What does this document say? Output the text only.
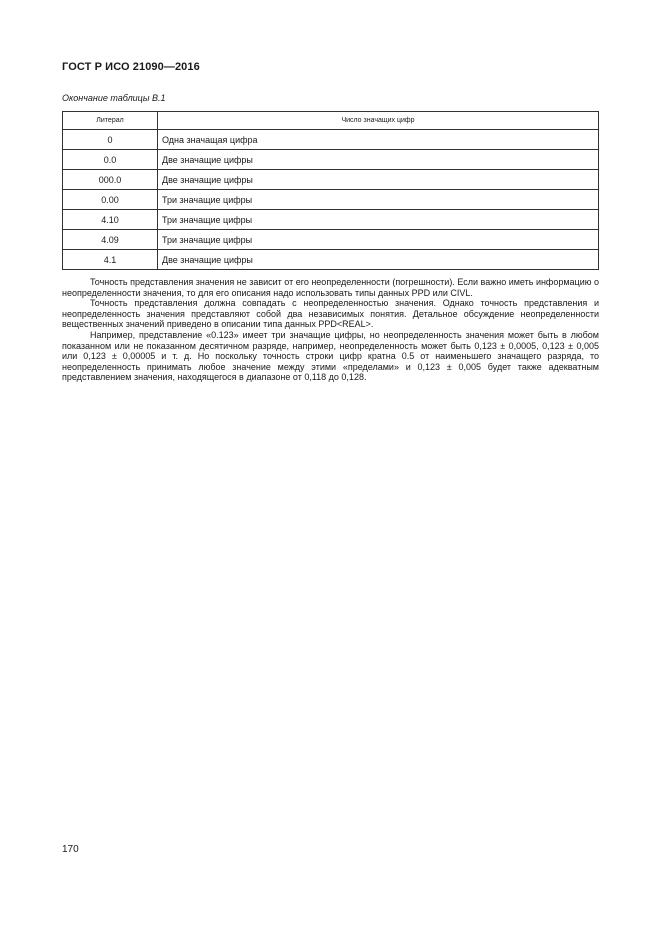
ГОСТ Р ИСО 21090—2016
Окончание таблицы В.1
Литерал	Число значащих цифр
0	Одна значащая цифра
0.0	Две значащие цифры
000.0	Две значащие цифры
0.00	Три значащие цифры
4.10	Три значащие цифры
4.09	Три значащие цифры
4.1	Две значащие цифры

Точность представления значения не зависит от его неопределенности (погрешности). Если важно иметь информацию о неопределенности значения, то для его описания надо использовать типы данных PPD или CIVL.

Точность представления должна совпадать с неопределенностью значения. Однако точность представления и неопределенность значения представляют собой два независимых понятия. Детальное обсуждение неопределенности вещественных значений приведено в описании типа данных PPD<REAL>.

Например, представление «0.123» имеет три значащие цифры, но неопределенность значения может быть в любом показанном или не показанном десятичном разряде, например, неопределенность может быть 0,123 ± 0,0005, 0,123 ± 0,005 или 0,123 ± 0,00005 и т. д. Но поскольку точность строки цифр кратна 0.5 от наименьшего значащего разряда, то неопределенность принимать любое значение между этими «пределами» и 0,123 ± 0,005 будет также адекватным представлением значения, находящегося в диапазоне от 0,118 до 0,128.

170
